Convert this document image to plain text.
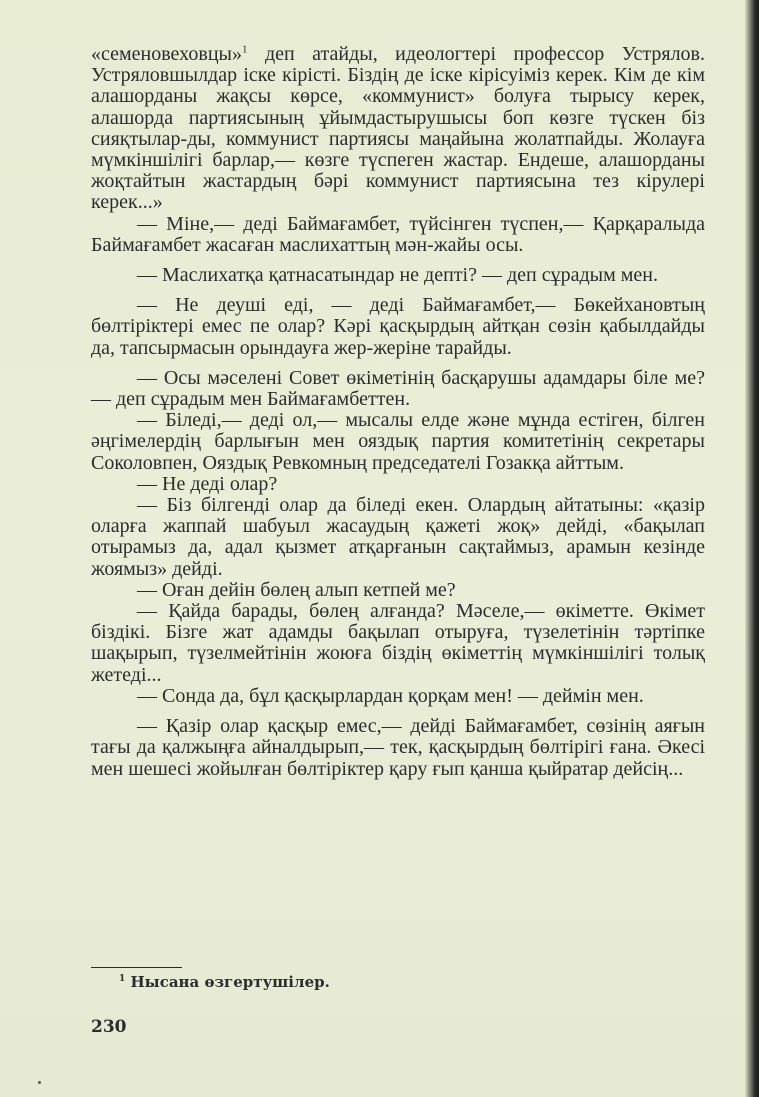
«семеновеховцы»$^1$ деп атайды, идеологтері профессор Устрялов. Устряловшылдар іске кірісті. Біздің де іске кірісуіміз керек. Кім де кім алашорданы жақсы көрсе, «коммунист» болуға тырысу керек, алашорда партиясының ұйымдастырушысы боп көзге түскен біз сияқтылар-ды, коммунист партиясы маңайына жолатпайды. Жолауға мүмкіншілігі барлар,— көзге түспеген жастар. Ендеше, алашорданы жоқтайтын жастардың бәрі коммунист партиясына тез кірулері керек...»

— Міне,— деді Баймағамбет, түйсінген түспен,— Қарқаралыда Баймағамбет жасаған маслихаттың мән-жайы осы.

— Маслихатқа қатнасатындар не депті? — деп сұрадым мен.

— Не деуші еді, — деді Баймағамбет,— Бөкейхановтың бөлтіріктері емес пе олар? Кәрі қасқырдың айтқан сөзін қабылдайды да, тапсырмасын орындауға жер-жеріне тарайды.

— Осы мәселені Совет өкіметінің басқарушы адамдары біле ме? — деп сұрадым мен Баймағамбеттен.

— Біледі,— деді ол,— мысалы елде және мұнда естіген, білген әңгімелердің барлығын мен ояздық партия комитетінің секретары Соколовпен, Ояздық Ревкомның председателі Гозакқа айттым.

— Не деді олар?

— Біз білгенді олар да біледі екен. Олардың айтатыны: «қазір оларға жаппай шабуыл жасаудың қажеті жоқ» дейді, «бақылап отырамыз да, адал қызмет атқарғанын сақтаймыз, арамын кезінде жоямыз» дейді.

— Оған дейін бөлең алып кетпей ме?

— Қайда барады, бөлең алғанда? Мәселе,— өкіметте. Өкімет біздікі. Бізге жат адамды бақылап отыруға, түзелетінін тәртіпке шақырып, түзелмейтінін жоюға біздің өкіметтің мүмкіншілігі толық жетеді...

— Сонда да, бұл қасқырлардан қорқам мен! — деймін мен.

— Қазір олар қасқыр емес,— дейді Баймағамбет, сөзінің аяғын тағы да қалжыңға айналдырып,— тек, қасқырдың бөлтірігі ғана. Әкесі мен шешесі жойылған бөлтіріктер қару ғып қанша қыйратар дейсің...

$^1$ Нысана өзгертушілер.
230
